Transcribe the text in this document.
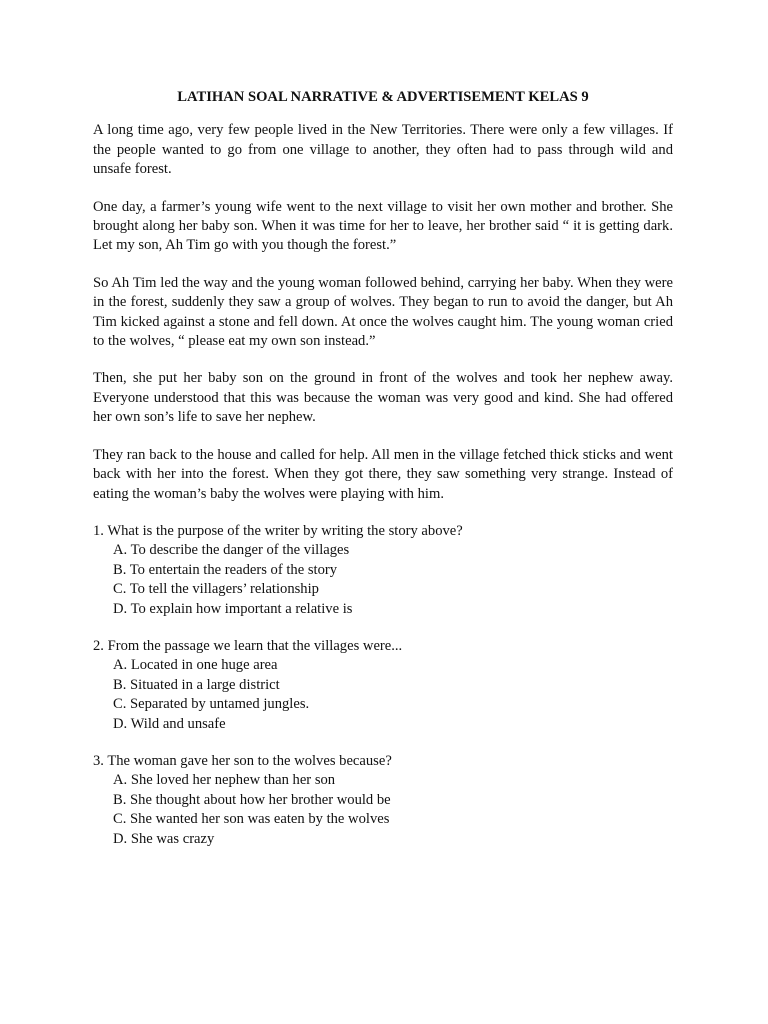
LATIHAN SOAL NARRATIVE & ADVERTISEMENT KELAS 9

A long time ago, very few people lived in the New Territories. There were only a few villages. If the people wanted to go from one village to another, they often had to pass through wild and unsafe forest.

One day, a farmer’s young wife went to the next village to visit her own mother and brother. She brought along her baby son. When it was time for her to leave, her brother said “ it is getting dark. Let my son, Ah Tim go with you though the forest.”

So Ah Tim led the way and the young woman followed behind, carrying her baby. When they were in the forest, suddenly they saw a group of wolves. They began to run to avoid the danger, but Ah Tim kicked against a stone and fell down. At once the wolves caught him. The young woman cried to the wolves, “ please eat my own son instead.”

Then, she put her baby son on the ground in front of the wolves and took her nephew away. Everyone understood that this was because the woman was very good and kind. She had offered her own son’s life to save her nephew.

They ran back to the house and called for help. All men in the village fetched thick sticks and went back with her into the forest. When they got there, they saw something very strange. Instead of eating the woman’s baby the wolves were playing with him.

1. What is the purpose of the writer by writing the story above?

A. To describe the danger of the villages
B. To entertain the readers of the story
C. To tell the villagers’ relationship
D. To explain how important a relative is

2. From the passage we learn that the villages were...

A. Located in one huge area
B. Situated in a large district
C. Separated by untamed jungles.
D. Wild and unsafe

3. The woman gave her son to the wolves because?

A. She loved her nephew than her son
B. She thought about how her brother would be
C. She wanted her son was eaten by the wolves
D. She was crazy
